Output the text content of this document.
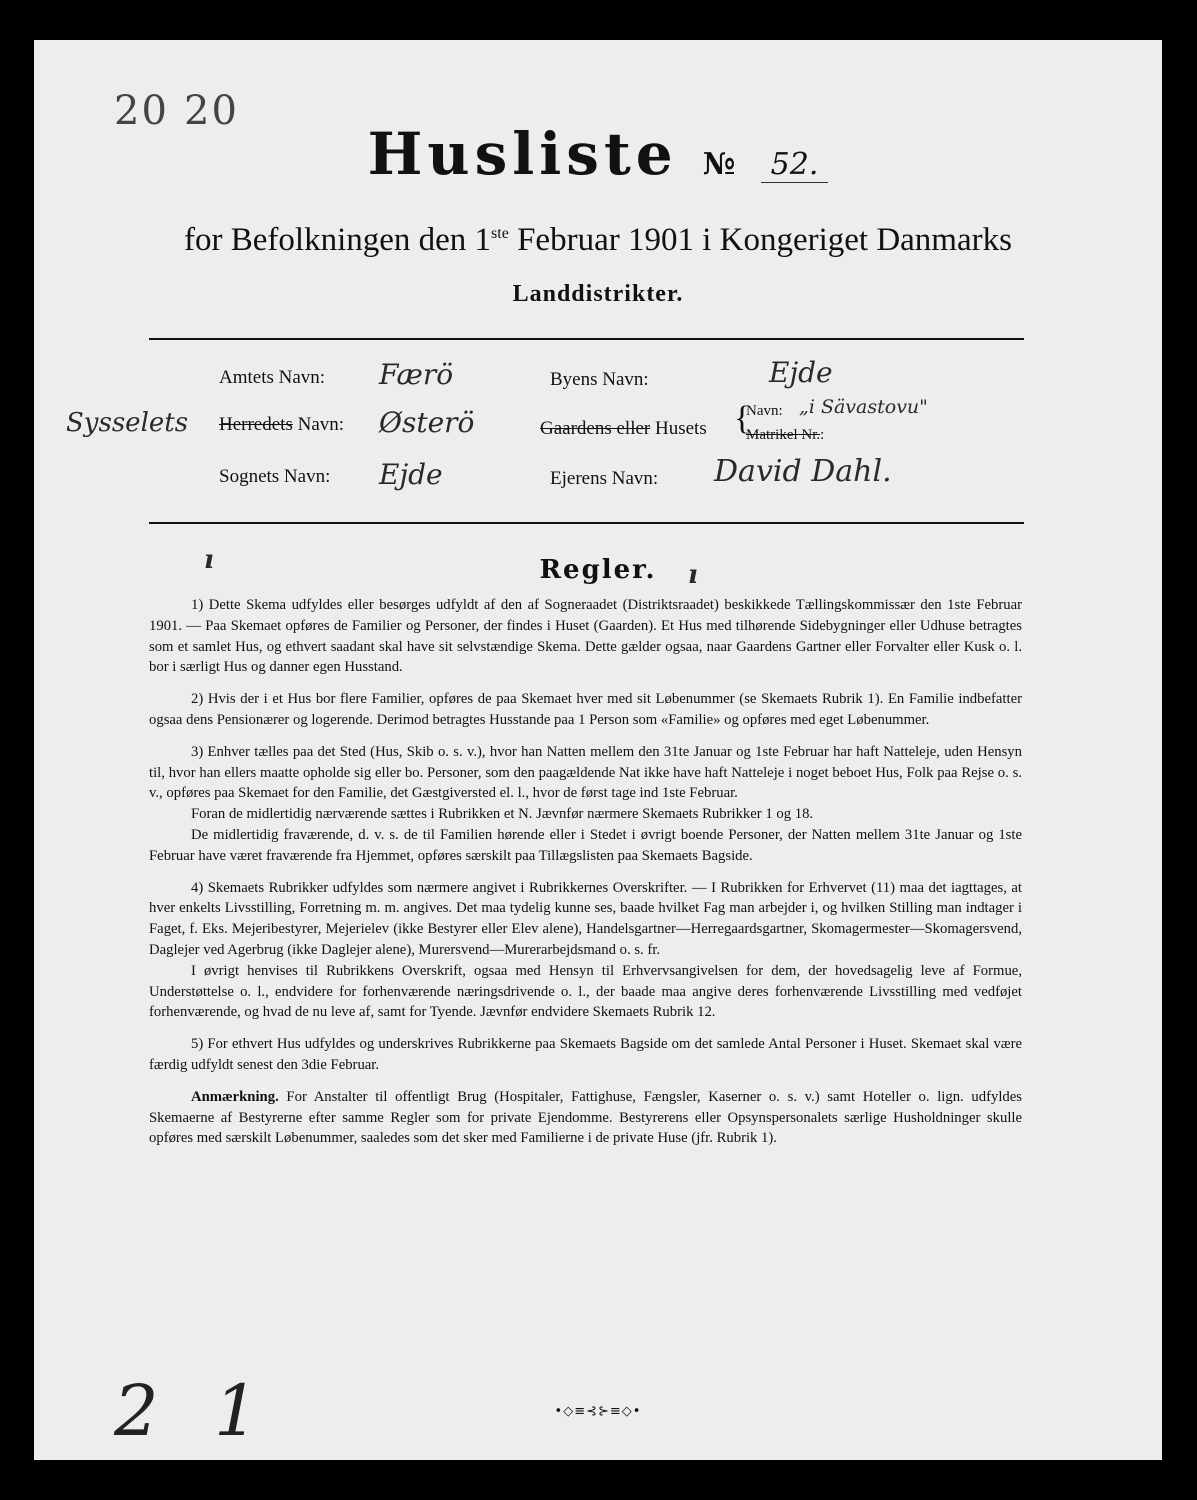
20 20
Husliste № 52.
for Befolkningen den 1ste Februar 1901 i Kongeriget Danmarks
Landdistrikter.
Amtets Navn: Færö
Sysselets Herredets Navn: Østerö
Sognets Navn: Ejde
Byens Navn:	Ejde
Gaardens eller Husets {
Navn: „i Sävastovu"
Matrikel Nr.:
Ejerens Navn: David Dahl.
ı	ı
Regler.

1) Dette Skema udfyldes eller besørges udfyldt af den af Sogneraadet (Distriktsraadet) beskikkede Tællingskommissær den 1ste Februar 1901. — Paa Skemaet opføres de Familier og Personer, der findes i Huset (Gaarden). Et Hus med tilhørende Sidebygninger eller Udhuse betragtes som et samlet Hus, og ethvert saadant skal have sit selvstændige Skema. Dette gælder ogsaa, naar Gaardens Gartner eller Forvalter eller Kusk o. l. bor i særligt Hus og danner egen Husstand.

2) Hvis der i et Hus bor flere Familier, opføres de paa Skemaet hver med sit Løbenummer (se Skemaets Rubrik 1). En Familie indbefatter ogsaa dens Pensionærer og logerende. Derimod betragtes Husstande paa 1 Person som «Familie» og opføres med eget Løbenummer.

3) Enhver tælles paa det Sted (Hus, Skib o. s. v.), hvor han Natten mellem den 31te Januar og 1ste Februar har haft Natteleje, uden Hensyn til, hvor han ellers maatte opholde sig eller bo. Personer, som den paagældende Nat ikke have haft Natteleje i noget beboet Hus, Folk paa Rejse o. s. v., opføres paa Skemaet for den Familie, det Gæstgiversted el. l., hvor de først tage ind 1ste Februar.

Foran de midlertidig nærværende sættes i Rubrikken et N. Jævnfør nærmere Skemaets Rubrikker 1 og 18.

De midlertidig fraværende, d. v. s. de til Familien hørende eller i Stedet i øvrigt boende Personer, der Natten mellem 31te Januar og 1ste Februar have været fraværende fra Hjemmet, opføres særskilt paa Tillægslisten paa Skemaets Bagside.

4) Skemaets Rubrikker udfyldes som nærmere angivet i Rubrikkernes Overskrifter. — I Rubrikken for Erhvervet (11) maa det iagttages, at hver enkelts Livsstilling, Forretning m. m. angives. Det maa tydelig kunne ses, baade hvilket Fag man arbejder i, og hvilken Stilling man indtager i Faget, f. Eks. Mejeribestyrer, Mejerielev (ikke Bestyrer eller Elev alene), Handelsgartner—Herregaardsgartner, Skomagermester—Skomagersvend, Daglejer ved Agerbrug (ikke Daglejer alene), Murersvend—Murerarbejdsmand o. s. fr.

I øvrigt henvises til Rubrikkens Overskrift, ogsaa med Hensyn til Erhvervsangivelsen for dem, der hovedsagelig leve af Formue, Understøttelse o. l., endvidere for forhenværende næringsdrivende o. l., der baade maa angive deres forhenværende Livsstilling med vedføjet forhenværende, og hvad de nu leve af, samt for Tyende. Jævnfør endvidere Skemaets Rubrik 12.

5) For ethvert Hus udfyldes og underskrives Rubrikkerne paa Skemaets Bagside om det samlede Antal Personer i Huset. Skemaet skal være færdig udfyldt senest den 3die Februar.

Anmærkning. For Anstalter til offentligt Brug (Hospitaler, Fattighuse, Fængsler, Kaserner o. s. v.) samt Hoteller o. lign. udfyldes Skemaerne af Bestyrerne efter samme Regler som for private Ejendomme. Bestyrerens eller Opsynspersonalets særlige Husholdninger skulle opføres med særskilt Løbenummer, saaledes som det sker med Familierne i de private Huse (jfr. Rubrik 1).

•◇≡⊰⊱≡◇•
2 1
